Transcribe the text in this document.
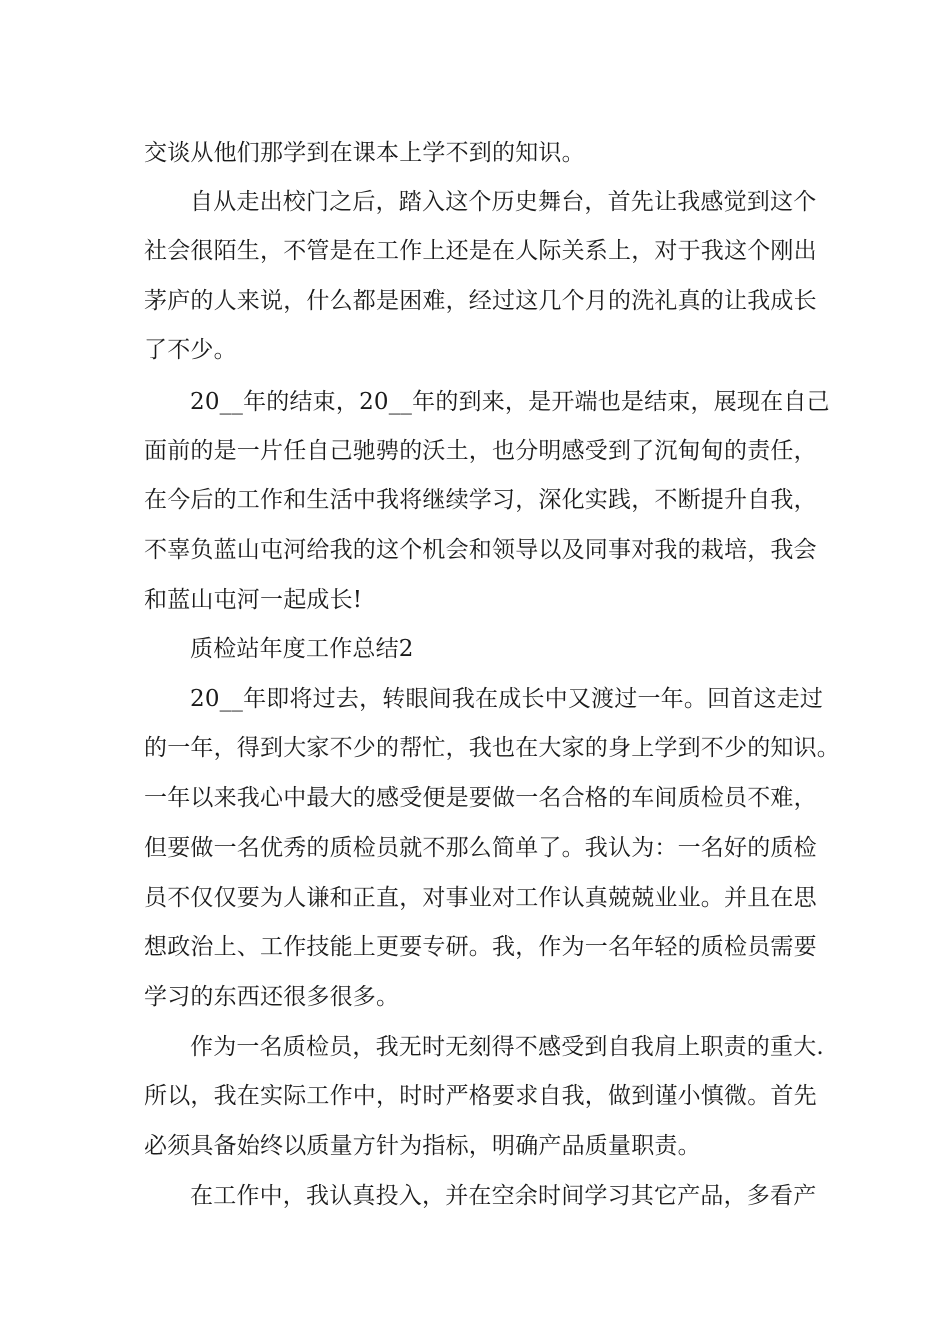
交谈从他们那学到在课本上学不到的知识。
自从走出校门之后，踏入这个历史舞台，首先让我感觉到这个
社会很陌生，不管是在工作上还是在人际关系上，对于我这个刚出
茅庐的人来说，什么都是困难，经过这几个月的洗礼真的让我成长
了不少。
20__年的结束，20__年的到来，是开端也是结束，展现在自己
面前的是一片任自己驰骋的沃土，也分明感受到了沉甸甸的责任，
在今后的工作和生活中我将继续学习，深化实践，不断提升自我，
不辜负蓝山屯河给我的这个机会和领导以及同事对我的栽培，我会
和蓝山屯河一起成长!
质检站年度工作总结2
20__年即将过去，转眼间我在成长中又渡过一年。回首这走过
的一年，得到大家不少的帮忙，我也在大家的身上学到不少的知识。
一年以来我心中最大的感受便是要做一名合格的车间质检员不难，
但要做一名优秀的质检员就不那么简单了。我认为：一名好的质检
员不仅仅要为人谦和正直，对事业对工作认真兢兢业业。并且在思
想政治上、工作技能上更要专研。我，作为一名年轻的质检员需要
学习的东西还很多很多。
作为一名质检员，我无时无刻得不感受到自我肩上职责的重大.
所以，我在实际工作中，时时严格要求自我，做到谨小慎微。首先
必须具备始终以质量方针为指标，明确产品质量职责。
在工作中，我认真投入，并在空余时间学习其它产品，多看产
